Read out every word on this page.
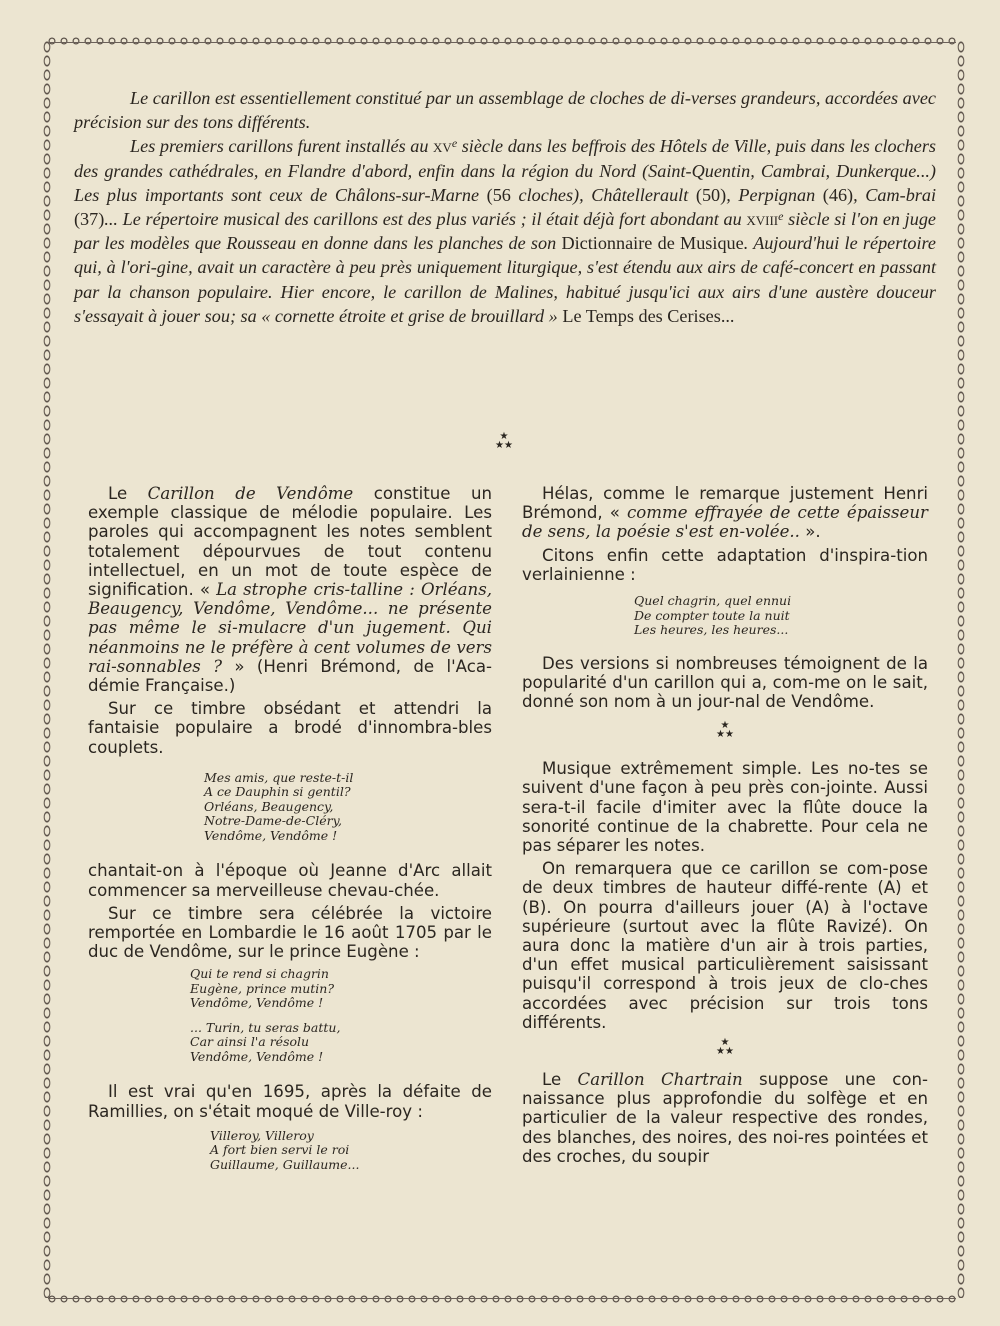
Le carillon est essentiellement constitué par un assemblage de cloches de di-verses grandeurs, accordées avec précision sur des tons différents.

Les premiers carillons furent installés au $xv^e$ siècle dans les beffrois des Hôtels de Ville, puis dans les clochers des grandes cathédrales, en Flandre d'abord, enfin dans la région du Nord (Saint-Quentin, Cambrai, Dunkerque...) Les plus importants sont ceux de Châlons-sur-Marne (56 cloches), Châtellerault (50), Perpignan (46), Cam-brai (37)... Le répertoire musical des carillons est des plus variés ; il était déjà fort abondant au xviii$^e$ siècle si l'on en juge par les modèles que Rousseau en donne dans les planches de son Dictionnaire de Musique. Aujourd'hui le répertoire qui, à l'ori-gine, avait un caractère à peu près uniquement liturgique, s'est étendu aux airs de café-concert en passant par la chanson populaire. Hier encore, le carillon de Malines, habitué jusqu'ici aux airs d'une austère douceur s'essayait à jouer sou; sa « cornette étroite et grise de brouillard » Le Temps des Cerises...

★
★★

Le Carillon de Vendôme constitue un exemple classique de mélodie populaire. Les paroles qui accompagnent les notes semblent totalement dépourvues de tout contenu intellectuel, en un mot de toute espèce de signification. « La strophe cris-talline : Orléans, Beaugency, Vendôme, Vendôme... ne présente pas même le si-mulacre d'un jugement. Qui néanmoins ne le préfère à cent volumes de vers rai-sonnables ? » (Henri Brémond, de l'Aca-démie Française.)

Sur ce timbre obsédant et attendri la fantaisie populaire a brodé d'innombra-bles couplets.

Mes amis, que reste-t-il
A ce Dauphin si gentil?
Orléans, Beaugency,
Notre-Dame-de-Cléry,
Vendôme, Vendôme !

chantait-on à l'époque où Jeanne d'Arc allait commencer sa merveilleuse chevau-chée.

Sur ce timbre sera célébrée la victoire remportée en Lombardie le 16 août 1705 par le duc de Vendôme, sur le prince Eugène :

Qui te rend si chagrin
Eugène, prince mutin?
Vendôme, Vendôme !
... Turin, tu seras battu,
Car ainsi l'a résolu
Vendôme, Vendôme !

Il est vrai qu'en 1695, après la défaite de Ramillies, on s'était moqué de Ville-roy :

Villeroy, Villeroy
A fort bien servi le roi
Guillaume, Guillaume...

Hélas, comme le remarque justement Henri Brémond, « comme effrayée de cette épaisseur de sens, la poésie s'est en-volée.. ».

Citons enfin cette adaptation d'inspira-tion verlainienne :

Quel chagrin, quel ennui
De compter toute la nuit
Les heures, les heures...

Des versions si nombreuses témoignent de la popularité d'un carillon qui a, com-me on le sait, donné son nom à un jour-nal de Vendôme.

★
★★

Musique extrêmement simple. Les no-tes se suivent d'une façon à peu près con-jointe. Aussi sera-t-il facile d'imiter avec la flûte douce la sonorité continue de la chabrette. Pour cela ne pas séparer les notes.

On remarquera que ce carillon se com-pose de deux timbres de hauteur diffé-rente (A) et (B). On pourra d'ailleurs jouer (A) à l'octave supérieure (surtout avec la flûte Ravizé). On aura donc la matière d'un air à trois parties, d'un effet musical particulièrement saisissant puisqu'il correspond à trois jeux de clo-ches accordées avec précision sur trois tons différents.

★
★★

Le Carillon Chartrain suppose une con-naissance plus approfondie du solfège et en particulier de la valeur respective des rondes, des blanches, des noires, des noi-res pointées et des croches, du soupir
